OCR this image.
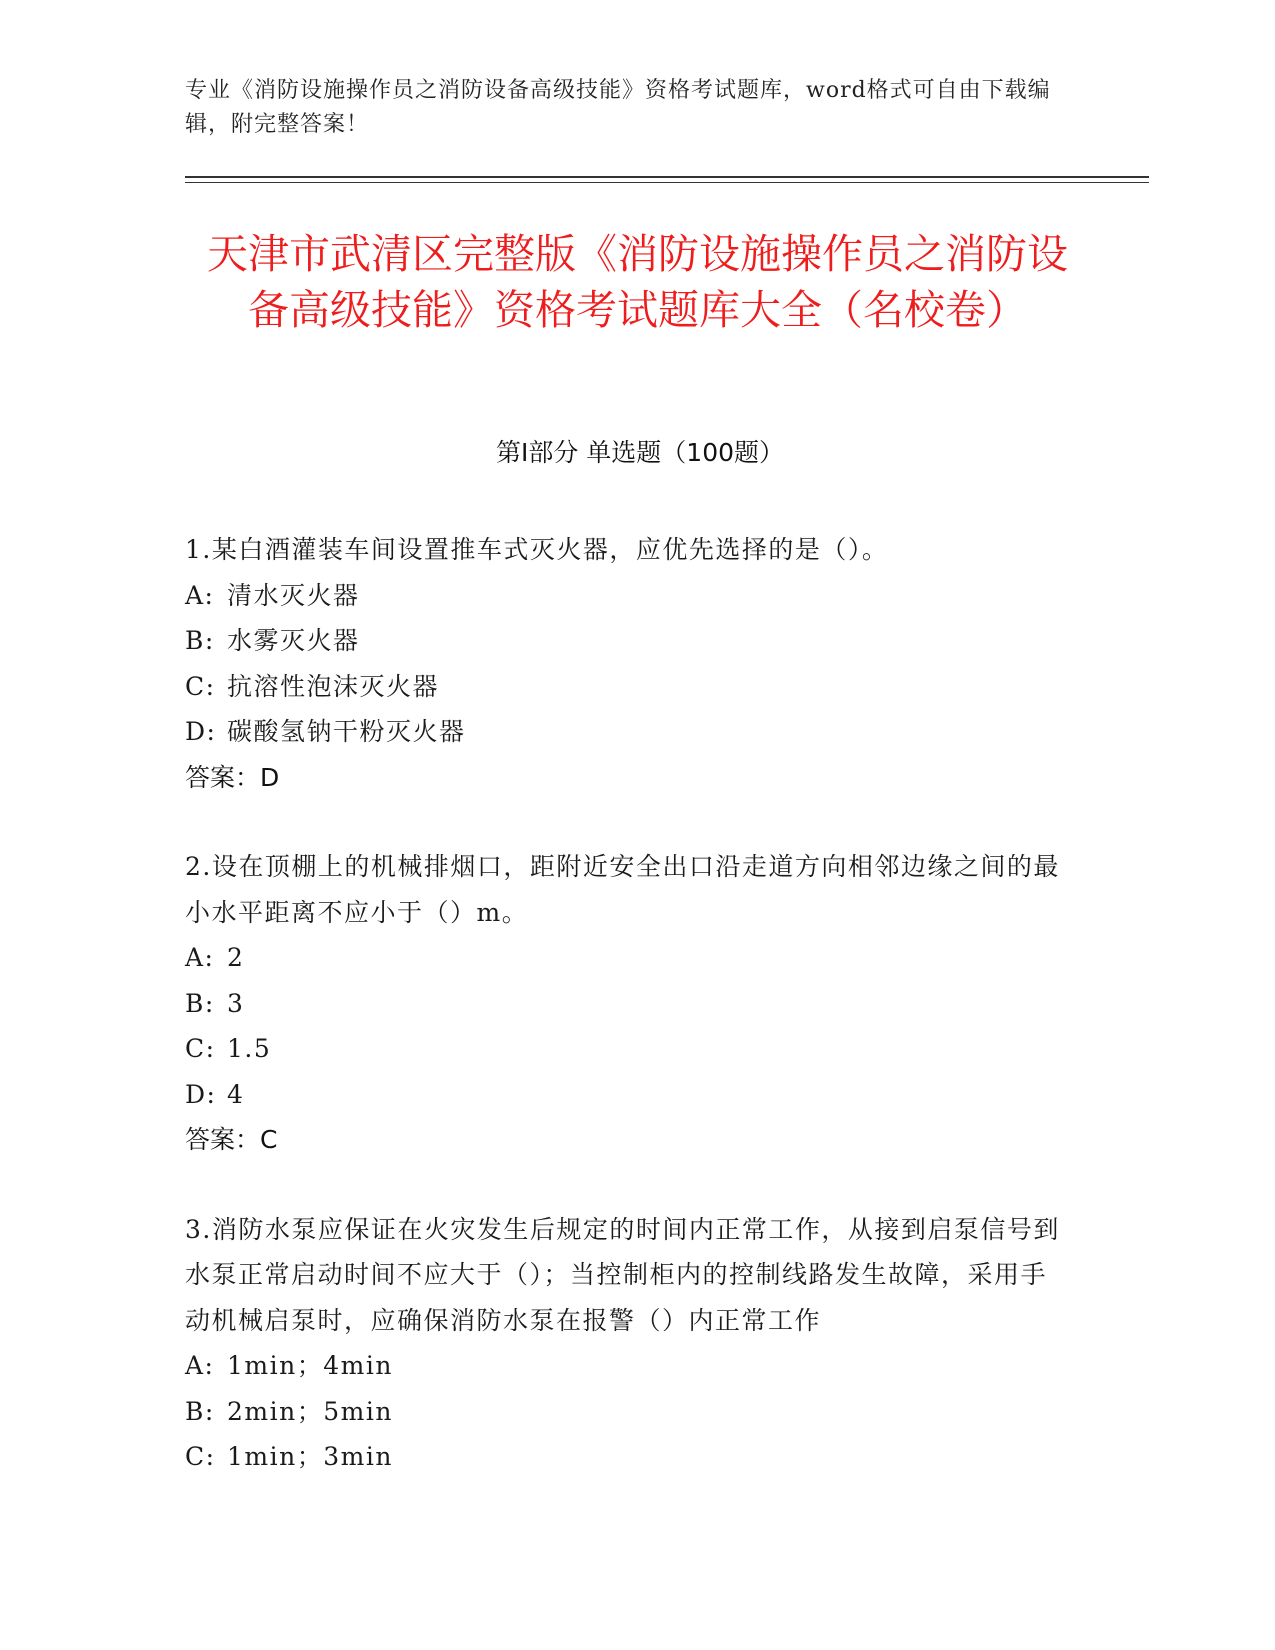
专业《消防设施操作员之消防设备高级技能》资格考试题库，word格式可自由下载编辑，附完整答案！
天津市武清区完整版《消防设施操作员之消防设备高级技能》资格考试题库大全（名校卷）
第Ⅰ部分 单选题（100题）
1.某白酒灌装车间设置推车式灭火器，应优先选择的是（）。
A: 清水灭火器
B: 水雾灭火器
C: 抗溶性泡沫灭火器
D: 碳酸氢钠干粉灭火器
答案：D
2.设在顶棚上的机械排烟口，距附近安全出口沿走道方向相邻边缘之间的最小水平距离不应小于（）m。
A: 2
B: 3
C: 1.5
D: 4
答案：C
3.消防水泵应保证在火灾发生后规定的时间内正常工作，从接到启泵信号到水泵正常启动时间不应大于（）；当控制柜内的控制线路发生故障，采用手动机械启泵时，应确保消防水泵在报警（）内正常工作
A: 1min；4min
B: 2min；5min
C: 1min；3min
